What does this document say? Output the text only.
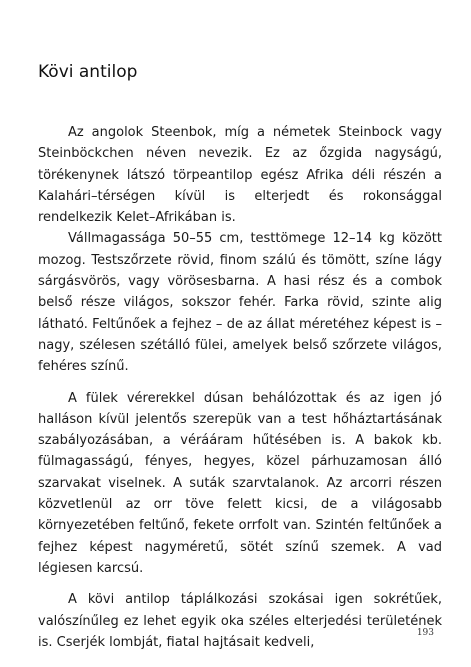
Kövi antilop

Az angolok Steenbok, míg a németek Steinbock vagy Steinböckchen néven nevezik. Ez az őzgida nagyságú, törékenynek látszó törpeantilop egész Afrika déli részén a Kalahári–térségen kívül is elterjedt és rokonsággal rendelkezik Kelet–Afrikában is.

Vállmagassága 50–55 cm, testtömege 12–14 kg között mozog. Testszőrzete rövid, finom szálú és tömött, színe lágy sárgásvörös, vagy vörösesbarna. A hasi rész és a combok belső része világos, sokszor fehér. Farka rövid, szinte alig látható. Feltűnőek a fejhez – de az állat méretéhez képest is – nagy, szélesen szétálló fülei, amelyek belső szőrzete világos, fehéres színű.

A fülek vérerekkel dúsan behálózottak és az igen jó halláson kívül jelentős szerepük van a test hőháztartásának szabályozásában, a vérááram hűtésében is. A bakok kb. fülmagasságú, fényes, hegyes, közel párhuzamosan álló szarvakat viselnek. A suták szarvtalanok. Az arcorri részen közvetlenül az orr töve felett kicsi, de a világosabb környezetében feltűnő, fekete orrfolt van. Szintén feltűnőek a fejhez képest nagyméretű, sötét színű szemek. A vad légiesen karcsú.

A kövi antilop táplálkozási szokásai igen sokrétűek, valószínűleg ez lehet egyik oka széles elterjedési területének is. Cserjék lombját, fiatal hajtásait kedveli,

193
